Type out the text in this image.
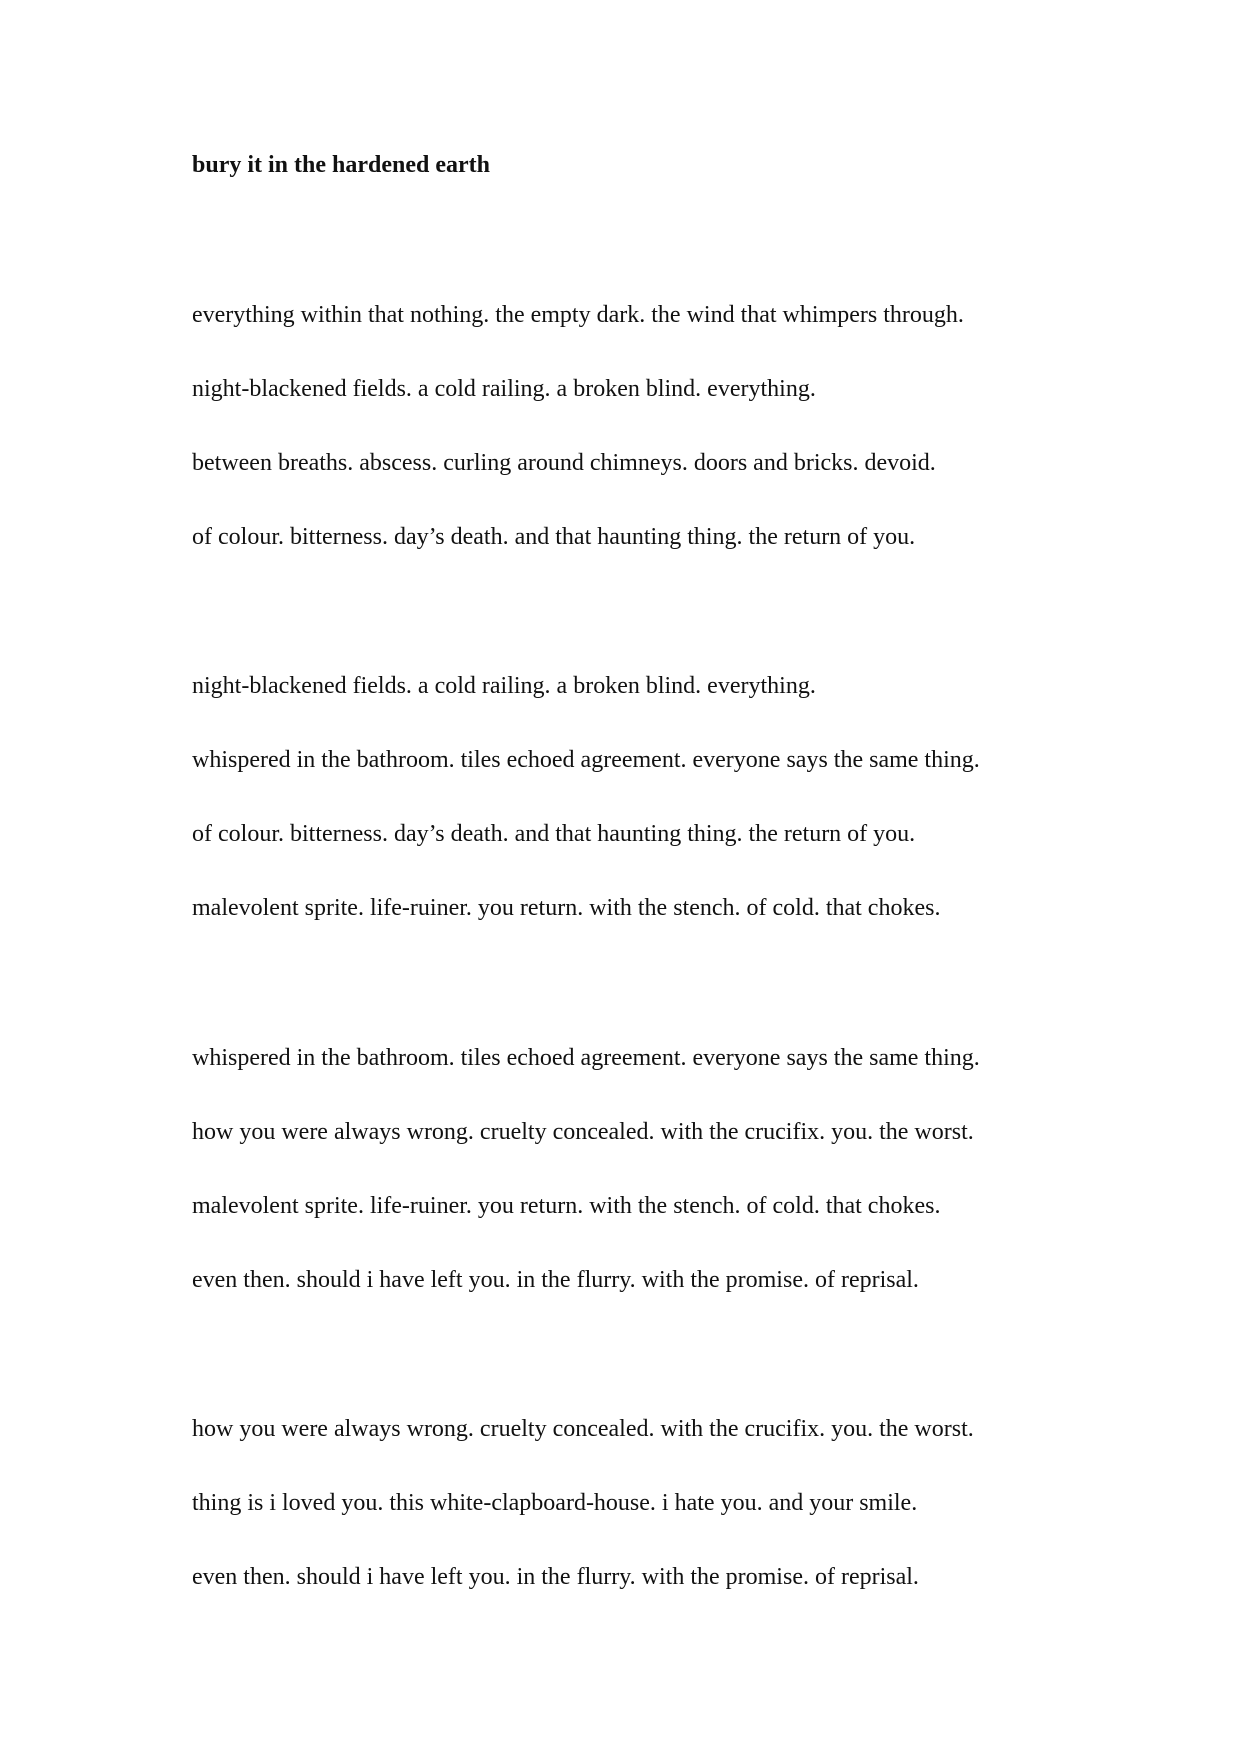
bury it in the hardened earth
everything within that nothing. the empty dark. the wind that whimpers through.
night-blackened fields. a cold railing. a broken blind. everything.
between breaths. abscess. curling around chimneys. doors and bricks. devoid.
of colour. bitterness. day’s death. and that haunting thing. the return of you.
night-blackened fields. a cold railing. a broken blind. everything.
whispered in the bathroom. tiles echoed agreement. everyone says the same thing.
of colour. bitterness. day’s death. and that haunting thing. the return of you.
malevolent sprite. life-ruiner. you return. with the stench. of cold. that chokes.
whispered in the bathroom. tiles echoed agreement. everyone says the same thing.
how you were always wrong. cruelty concealed. with the crucifix. you. the worst.
malevolent sprite. life-ruiner. you return. with the stench. of cold. that chokes.
even then. should i have left you. in the flurry. with the promise. of reprisal.
how you were always wrong. cruelty concealed. with the crucifix. you. the worst.
thing is i loved you. this white-clapboard-house. i hate you. and your smile.
even then. should i have left you. in the flurry. with the promise. of reprisal.
